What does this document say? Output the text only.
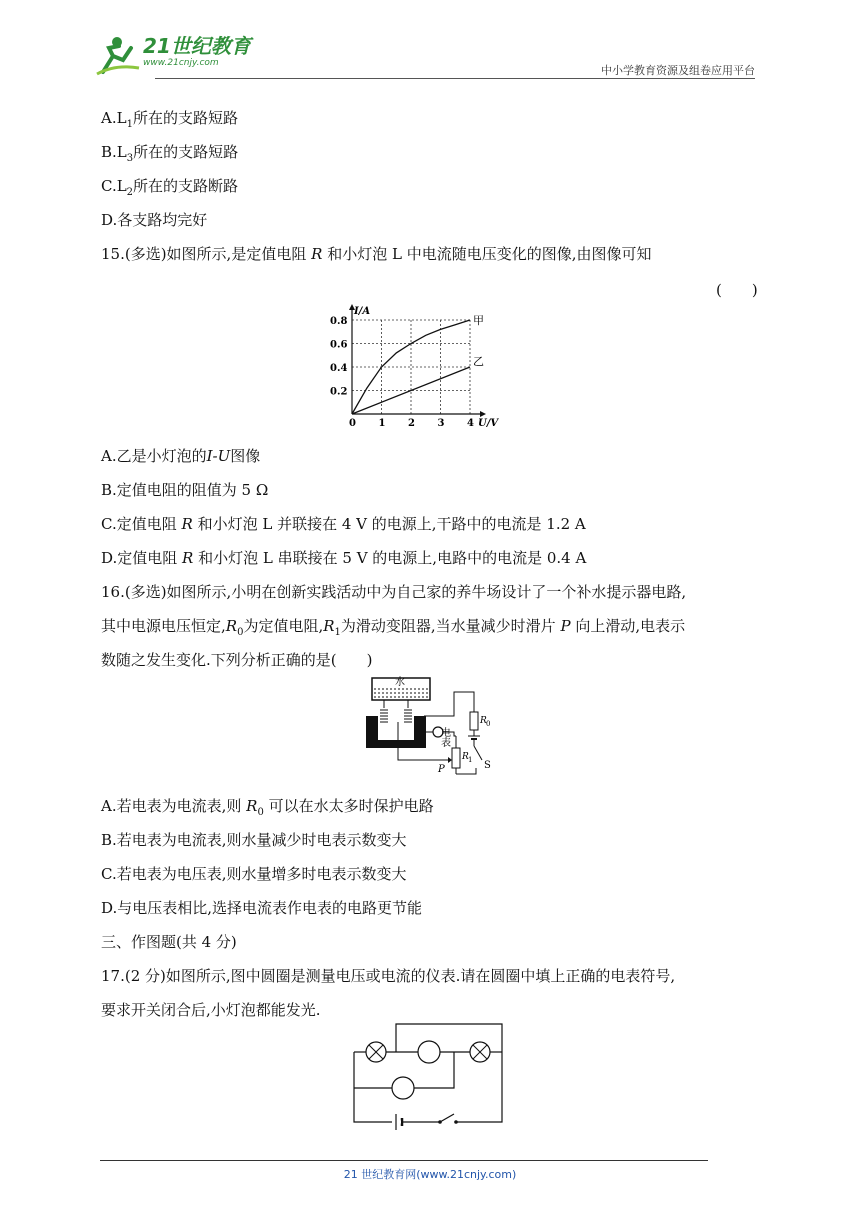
21世纪教育
www.21cnjy.com
中小学教育资源及组卷应用平台
$A.L_1$所在的支路短路
$B.L_3$所在的支路短路
$C.L_2$所在的支路断路
D.各支路均完好
15.(多选)如图所示,是定值电阻 R 和小灯泡 L 中电流随电压变化的图像,由图像可知
(　　)
0 1 2 3 4
0.2
0.4
0.6
0.8
U/V
I/A
甲
乙
A.乙是小灯泡的I-U图像
B.定值电阻的阻值为 5 Ω
C.定值电阻 R 和小灯泡 L 并联接在 4 V 的电源上,干路中的电流是 1.2 A
D.定值电阻 R 和小灯泡 L 串联接在 5 V 的电源上,电路中的电流是 0.4 A
16.(多选)如图所示,小明在创新实践活动中为自己家的养牛场设计了一个补水提示器电路,
其中电源电压恒定$,R_0$为定值电阻$,R_1$为滑动变阻器,当水量减少时滑片 P 向上滑动,电表示
数随之发生变化.下列分析正确的是(　　)
水
电表
R 0
R 1 S
P
A.若电表为电流表,则 $R_0$ 可以在水太多时保护电路
B.若电表为电流表,则水量减少时电表示数变大
C.若电表为电压表,则水量增多时电表示数变大
D.与电压表相比,选择电流表作电表的电路更节能
三、作图题(共 4 分)
17.(2 分)如图所示,图中圆圈是测量电压或电流的仪表.请在圆圈中填上正确的电表符号,
要求开关闭合后,小灯泡都能发光.
21 世纪教育网(www.21cnjy.com)
